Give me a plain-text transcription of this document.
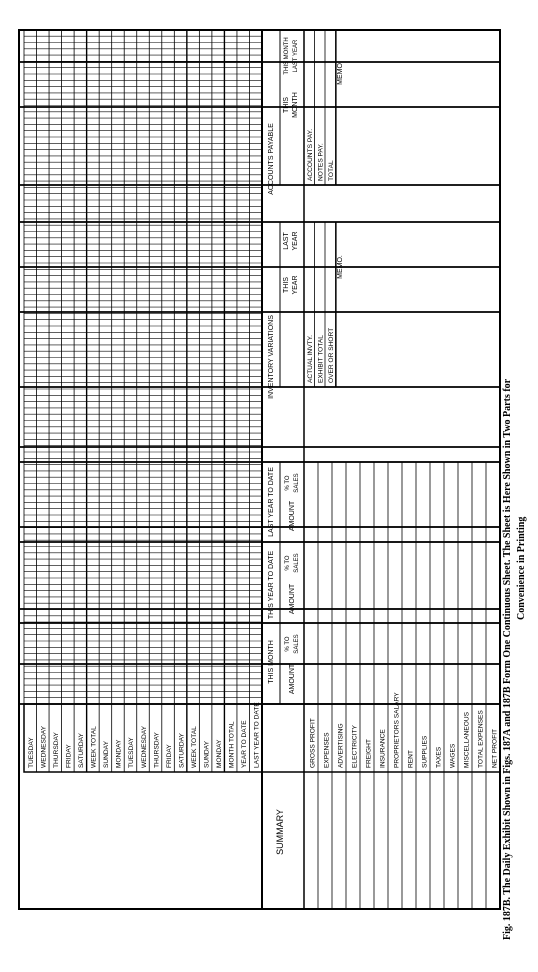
TUESDAY WEDNESDAY THURSDAY FRIDAY SATURDAY WEEK TOTAL SUNDAY MONDAY TUESDAY WEDNESDAY THURSDAY FRIDAY SATURDAY WEEK TOTAL SUNDAY MONDAY MONTH TOTAL YEAR TO DATE LAST YEAR TO DATE
SUMMARY
GROSS PROFIT EXPENSES ADVERTISING ELECTRICITY FREIGHT INSURANCE PROPRIETORS SALARY RENT SUPPLIES TAXES WAGES MISCELLANEOUS TOTAL EXPENSES NET PROFIT
THIS MONTH AMOUNT
% TO SALES
THIS YEAR TO DATE AMOUNT
% TO SALES
LAST YEAR TO DATE AMOUNT
% TO SALES
INVENTORY VARIATIONS
THIS YEAR
LAST YEAR
ACTUAL INVTY. EXHIBIT TOTAL OVER OR SHORT
MEMO.
ACCOUNTS PAYABLE
THIS MONTH
THIS MONTH LAST YEAR
ACCOUNTS PAY. NOTES PAY. TOTAL
MEMO.
Fig. 187B. The Daily Exhibit Shown in Figs. 187A and 187B Form One Continuous Sheet. The Sheet is Here Shown in Two Parts for Convenience in Printing
